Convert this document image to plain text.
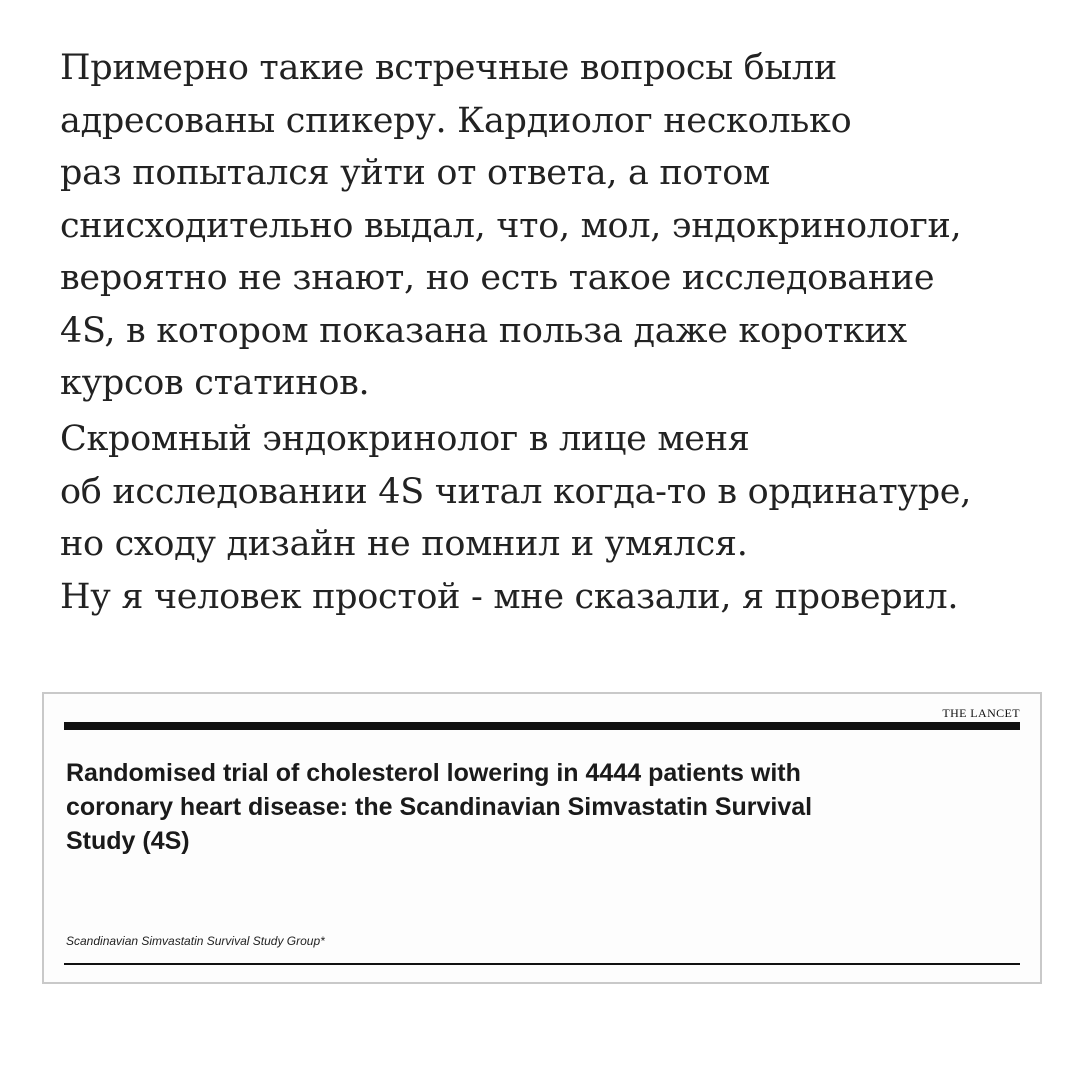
Примерно такие встречные вопросы были
адресованы спикеру. Кардиолог несколько
раз попытался уйти от ответа, а потом
снисходительно выдал, что, мол, эндокринологи,
вероятно не знают, но есть такое исследование
4S, в котором показана польза даже коротких
курсов статинов.

Скромный эндокринолог в лице меня
об исследовании 4S читал когда-то в ординатуре,
но сходу дизайн не помнил и умялся.
Ну я человек простой - мне сказали, я проверил.

THE LANCET
Randomised trial of cholesterol lowering in 4444 patients with
coronary heart disease: the Scandinavian Simvastatin Survival
Study (4S)
Scandinavian Simvastatin Survival Study Group*
